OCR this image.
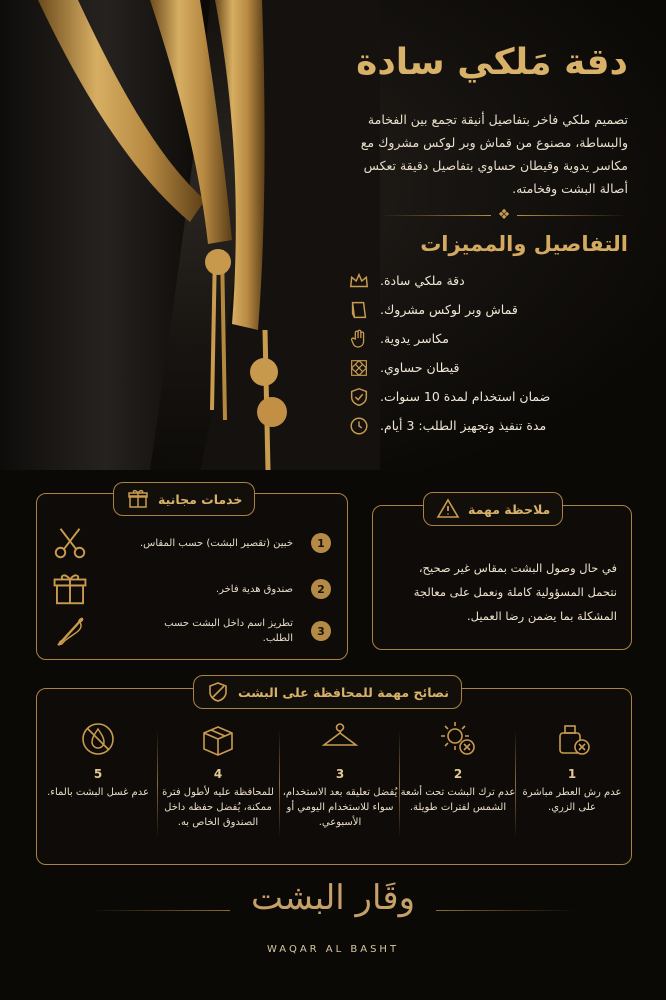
دقة مَلكي سادة

تصميم ملكي فاخر بتفاصيل أنيقة تجمع بين الفخامة والبساطة، مصنوع من قماش وبر لوكس مشروك مع مكاسر يدوية وقيطان حساوي بتفاصيل دقيقة تعكس أصالة البشت وفخامته.

❖
التفاصيل والمميزات
دقة ملكي سادة.
قماش وبر لوكس مشروك.
مكاسر يدوية.
قيطان حساوي.
ضمان استخدام لمدة 10 سنوات.
مدة تنفيذ وتجهيز الطلب: 3 أيام.
خدمات مجانية
1
خبين (تقصير البشت) حسب المقاس.
2
صندوق هدية فاخر.
3
تطريز اسم داخل البشت حسب الطلب.
ملاحظة مهمة

في حال وصول البشت بمقاس غير صحيح، نتحمل المسؤولية كاملة ونعمل على معالجة المشكلة بما يضمن رضا العميل.

نصائح مهمة للمحافظة على البشت
1
عدم رش العطر مباشرة على الزري.
2
عدم ترك البشت تحت أشعة الشمس لفترات طويلة.
3
يُفضل تعليقه بعد الاستخدام، سواء للاستخدام اليومي أو الأسبوعي.
4
للمحافظة عليه لأطول فترة ممكنة، يُفضل حفظه داخل الصندوق الخاص به.
5
عدم غسل البشت بالماء.
وقَار البشت
WAQAR AL BASHT
